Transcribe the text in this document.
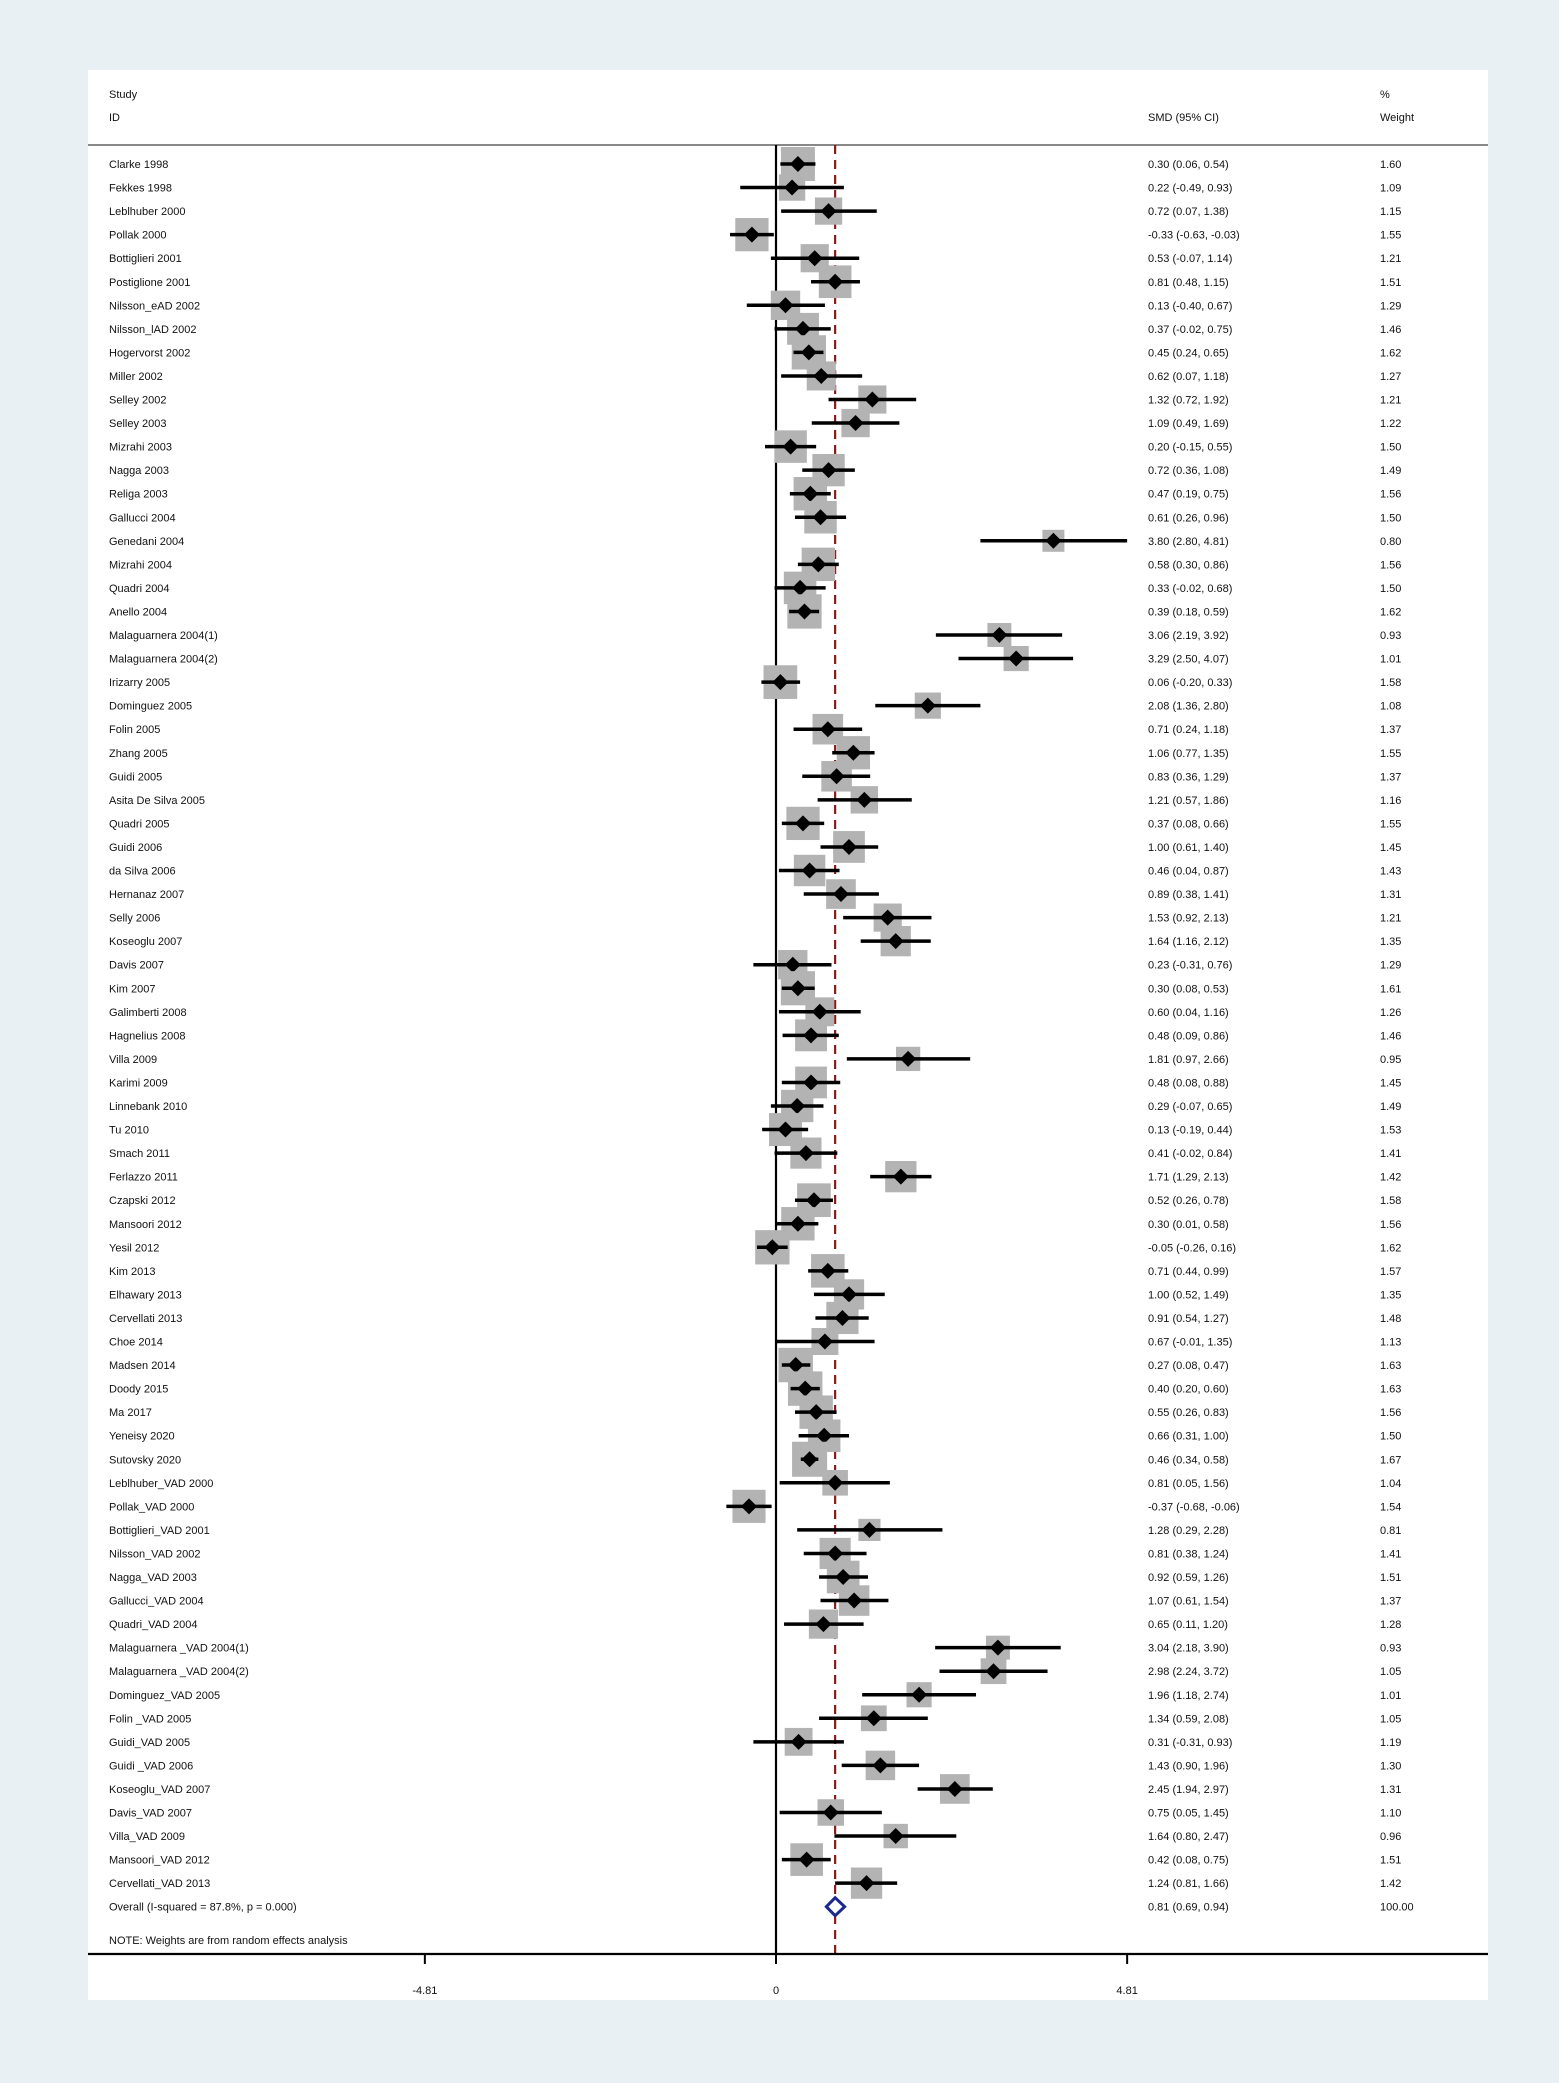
Study
ID	SMD (95% CI)
%
Weight
Clarke 1998	0.30 (0.06, 0.54)	1.60
Fekkes 1998	0.22 (-0.49, 0.93)	1.09
Leblhuber 2000	0.72 (0.07, 1.38)	1.15
Pollak 2000	-0.33 (-0.63, -0.03)	1.55
Bottiglieri 2001	0.53 (-0.07, 1.14)	1.21
Postiglione 2001	0.81 (0.48, 1.15)	1.51
Nilsson_eAD 2002	0.13 (-0.40, 0.67)	1.29
Nilsson_lAD 2002	0.37 (-0.02, 0.75)	1.46
Hogervorst 2002	0.45 (0.24, 0.65)	1.62
Miller 2002	0.62 (0.07, 1.18)	1.27
Selley 2002	1.32 (0.72, 1.92)	1.21
Selley 2003	1.09 (0.49, 1.69)	1.22
Mizrahi 2003	0.20 (-0.15, 0.55)	1.50
Nagga 2003	0.72 (0.36, 1.08)	1.49
Religa 2003	0.47 (0.19, 0.75)	1.56
Gallucci 2004	0.61 (0.26, 0.96)	1.50
Genedani 2004	3.80 (2.80, 4.81)	0.80
Mizrahi 2004	0.58 (0.30, 0.86)	1.56
Quadri 2004	0.33 (-0.02, 0.68)	1.50
Anello 2004	0.39 (0.18, 0.59)	1.62
Malaguarnera 2004(1)	3.06 (2.19, 3.92)	0.93
Malaguarnera 2004(2)	3.29 (2.50, 4.07)	1.01
Irizarry 2005	0.06 (-0.20, 0.33)	1.58
Dominguez 2005	2.08 (1.36, 2.80)	1.08
Folin 2005	0.71 (0.24, 1.18)	1.37
Zhang 2005	1.06 (0.77, 1.35)	1.55
Guidi 2005	0.83 (0.36, 1.29)	1.37
Asita De Silva 2005	1.21 (0.57, 1.86)	1.16
Quadri 2005	0.37 (0.08, 0.66)	1.55
Guidi 2006	1.00 (0.61, 1.40)	1.45
da Silva 2006	0.46 (0.04, 0.87)	1.43
Hernanaz 2007	0.89 (0.38, 1.41)	1.31
Selly 2006	1.53 (0.92, 2.13)	1.21
Koseoglu 2007	1.64 (1.16, 2.12)	1.35
Davis 2007	0.23 (-0.31, 0.76)	1.29
Kim 2007	0.30 (0.08, 0.53)	1.61
Galimberti 2008	0.60 (0.04, 1.16)	1.26
Hagnelius 2008	0.48 (0.09, 0.86)	1.46
Villa 2009	1.81 (0.97, 2.66)	0.95
Karimi 2009	0.48 (0.08, 0.88)	1.45
Linnebank 2010	0.29 (-0.07, 0.65)	1.49
Tu 2010	0.13 (-0.19, 0.44)	1.53
Smach 2011	0.41 (-0.02, 0.84)	1.41
Ferlazzo 2011	1.71 (1.29, 2.13)	1.42
Czapski 2012	0.52 (0.26, 0.78)	1.58
Mansoori 2012	0.30 (0.01, 0.58)	1.56
Yesil 2012	-0.05 (-0.26, 0.16)	1.62
Kim 2013	0.71 (0.44, 0.99)	1.57
Elhawary 2013	1.00 (0.52, 1.49)	1.35
Cervellati 2013	0.91 (0.54, 1.27)	1.48
Choe 2014	0.67 (-0.01, 1.35)	1.13
Madsen 2014	0.27 (0.08, 0.47)	1.63
Doody 2015	0.40 (0.20, 0.60)	1.63
Ma 2017	0.55 (0.26, 0.83)	1.56
Yeneisy 2020	0.66 (0.31, 1.00)	1.50
Sutovsky 2020	0.46 (0.34, 0.58)	1.67
Leblhuber_VAD 2000	0.81 (0.05, 1.56)	1.04
Pollak_VAD 2000	-0.37 (-0.68, -0.06)	1.54
Bottiglieri_VAD 2001	1.28 (0.29, 2.28)	0.81
Nilsson_VAD 2002	0.81 (0.38, 1.24)	1.41
Nagga_VAD 2003	0.92 (0.59, 1.26)	1.51
Gallucci_VAD 2004	1.07 (0.61, 1.54)	1.37
Quadri_VAD 2004	0.65 (0.11, 1.20)	1.28
Malaguarnera _VAD 2004(1)	3.04 (2.18, 3.90)	0.93
Malaguarnera _VAD 2004(2)	2.98 (2.24, 3.72)	1.05
Dominguez_VAD 2005	1.96 (1.18, 2.74)	1.01
Folin _VAD 2005	1.34 (0.59, 2.08)	1.05
Guidi_VAD 2005	0.31 (-0.31, 0.93)	1.19
Guidi _VAD 2006	1.43 (0.90, 1.96)	1.30
Koseoglu_VAD 2007	2.45 (1.94, 2.97)	1.31
Davis_VAD 2007	0.75 (0.05, 1.45)	1.10
Villa_VAD 2009	1.64 (0.80, 2.47)	0.96
Mansoori_VAD 2012	0.42 (0.08, 0.75)	1.51
Cervellati_VAD 2013	1.24 (0.81, 1.66)	1.42
Overall (I-squared = 87.8%, p = 0.000)	0.81 (0.69, 0.94)	100.00
NOTE: Weights are from random effects analysis
-4.81	0	4.81
